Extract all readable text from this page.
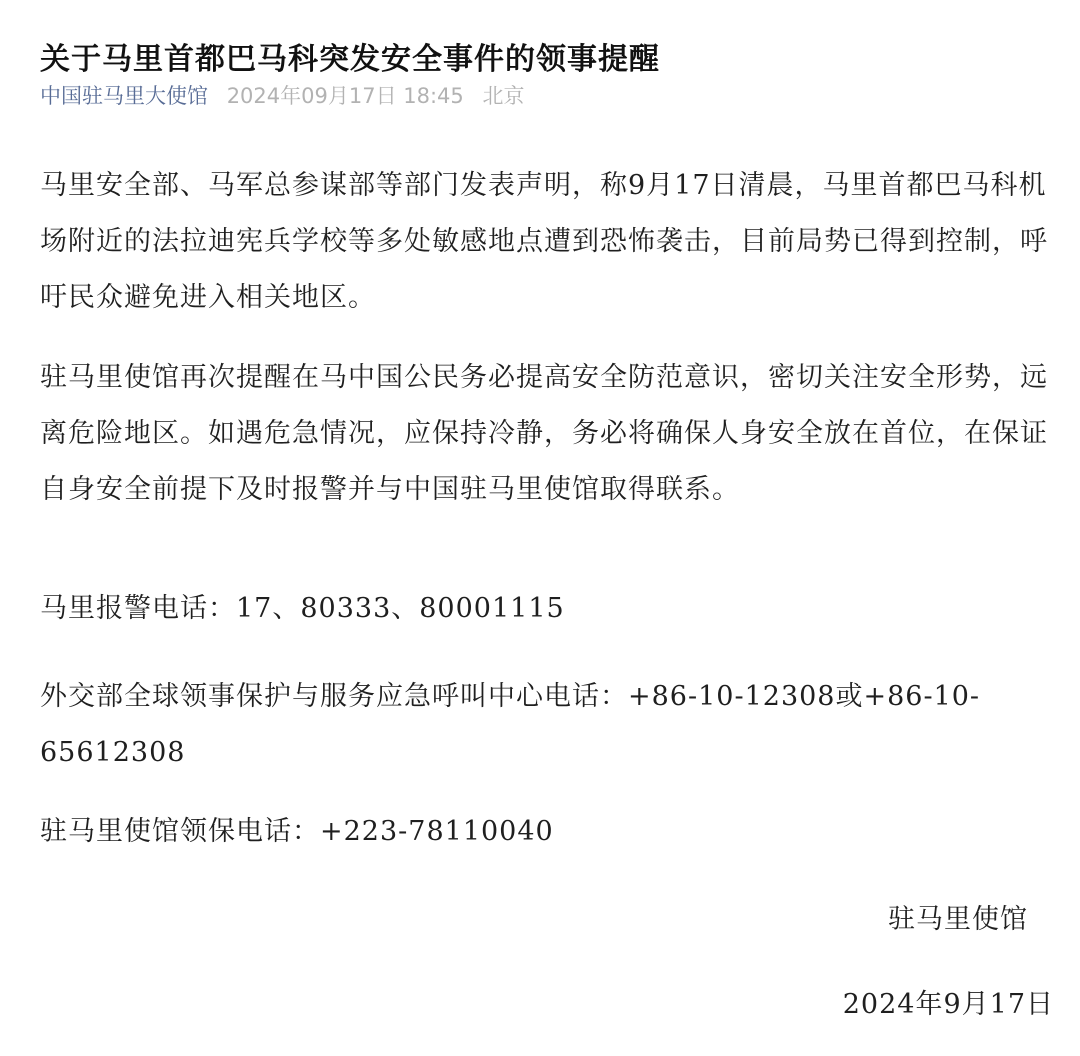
关于马里首都巴马科突发安全事件的领事提醒
中国驻马里大使馆 2024年09月17日 18:45 北京

马里安全部、马军总参谋部等部门发表声明，称9月17日清晨，马里首都巴马科机场附近的法拉迪宪兵学校等多处敏感地点遭到恐怖袭击，目前局势已得到控制，呼吁民众避免进入相关地区。

驻马里使馆再次提醒在马中国公民务必提高安全防范意识，密切关注安全形势，远离危险地区。如遇危急情况，应保持冷静，务必将确保人身安全放在首位，在保证自身安全前提下及时报警并与中国驻马里使馆取得联系。

马里报警电话：17、80333、80001115

外交部全球领事保护与服务应急呼叫中心电话：+86-10-12308或+86-10-65612308

驻马里使馆领保电话：+223-78110040

驻马里使馆

2024年9月17日
